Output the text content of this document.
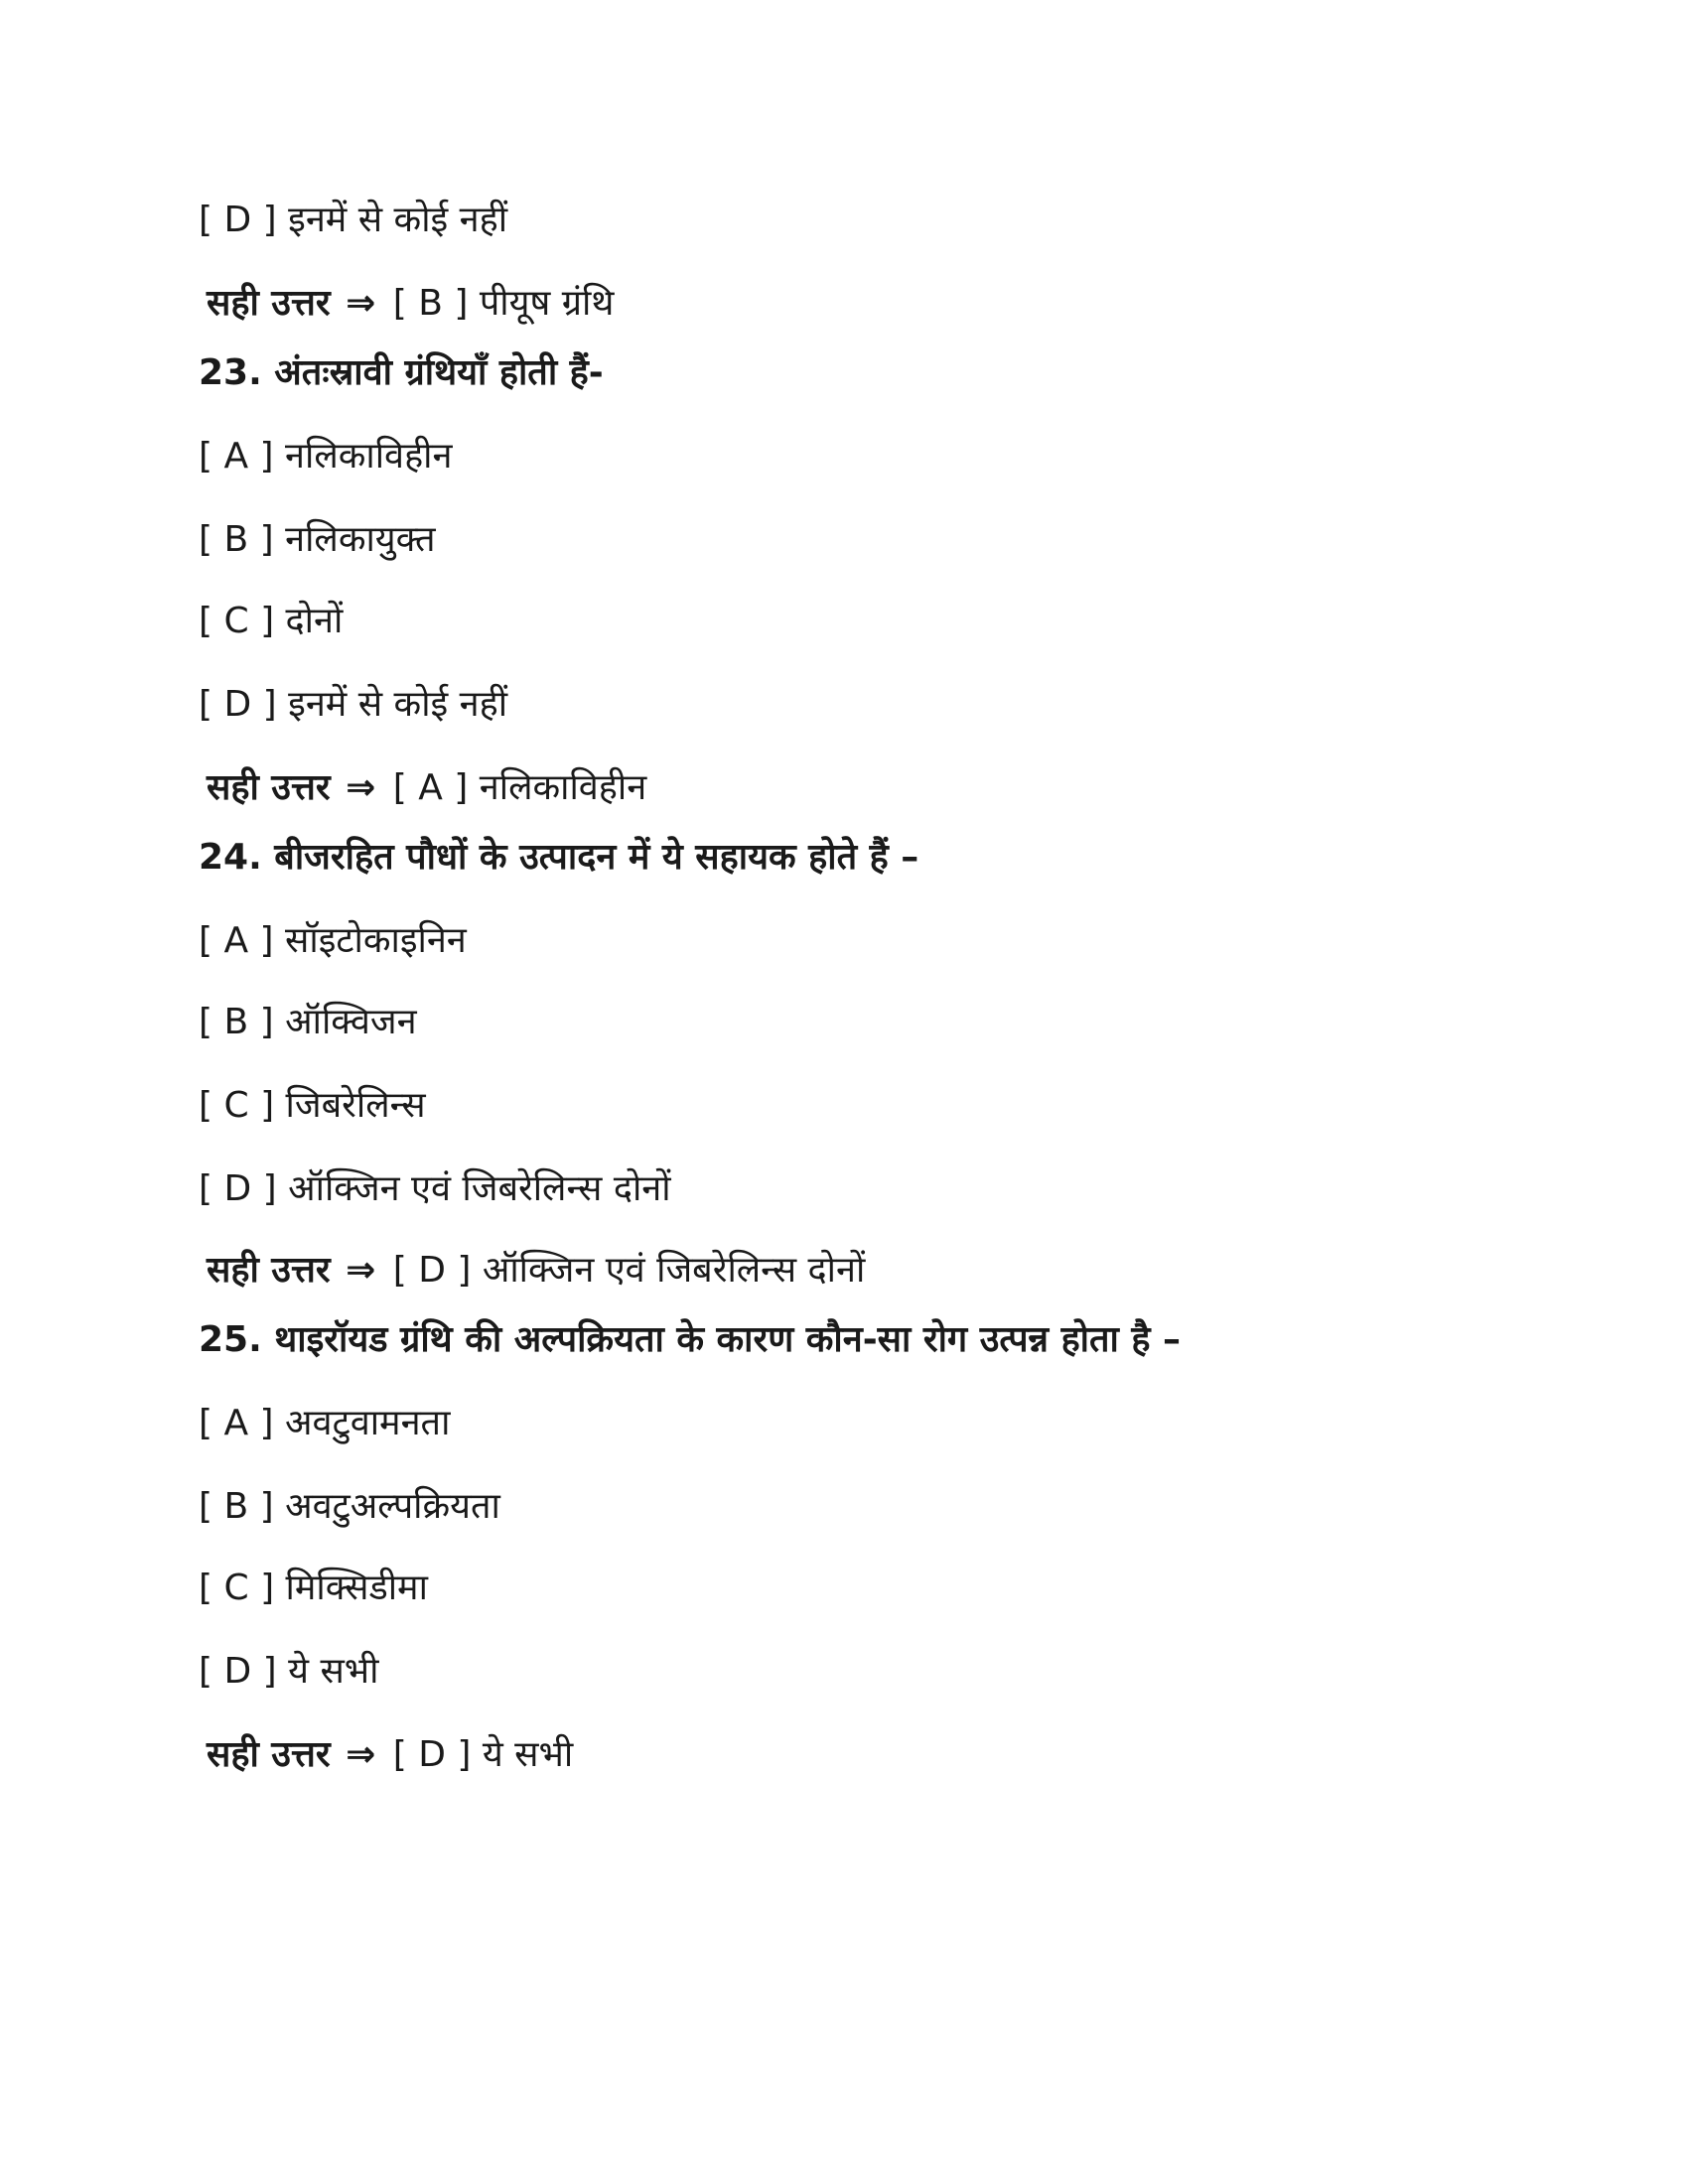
[ D ] इनमें से कोई नहीं
सही उत्तर ⇒ [ B ] पीयूष ग्रंथि
23. अंतःस्रावी ग्रंथियाँ होती हैं-
[ A ] नलिकाविहीन
[ B ] नलिकायुक्त
[ C ] दोनों
[ D ] इनमें से कोई नहीं
सही उत्तर ⇒ [ A ] नलिकाविहीन
24. बीजरहित पौधों के उत्पादन में ये सहायक होते हैं –
[ A ] सॉइटोकाइनिन
[ B ] ऑक्विजन
[ C ] जिबरेलिन्स
[ D ] ऑक्जिन एवं जिबरेलिन्स दोनों
सही उत्तर ⇒ [ D ] ऑक्जिन एवं जिबरेलिन्स दोनों
25. थाइरॉयड ग्रंथि की अल्पक्रियता के कारण कौन-सा रोग उत्पन्न होता है –
[ A ] अवटुवामनता
[ B ] अवटुअल्पक्रियता
[ C ] मिक्सिडीमा
[ D ] ये सभी
सही उत्तर ⇒ [ D ] ये सभी
